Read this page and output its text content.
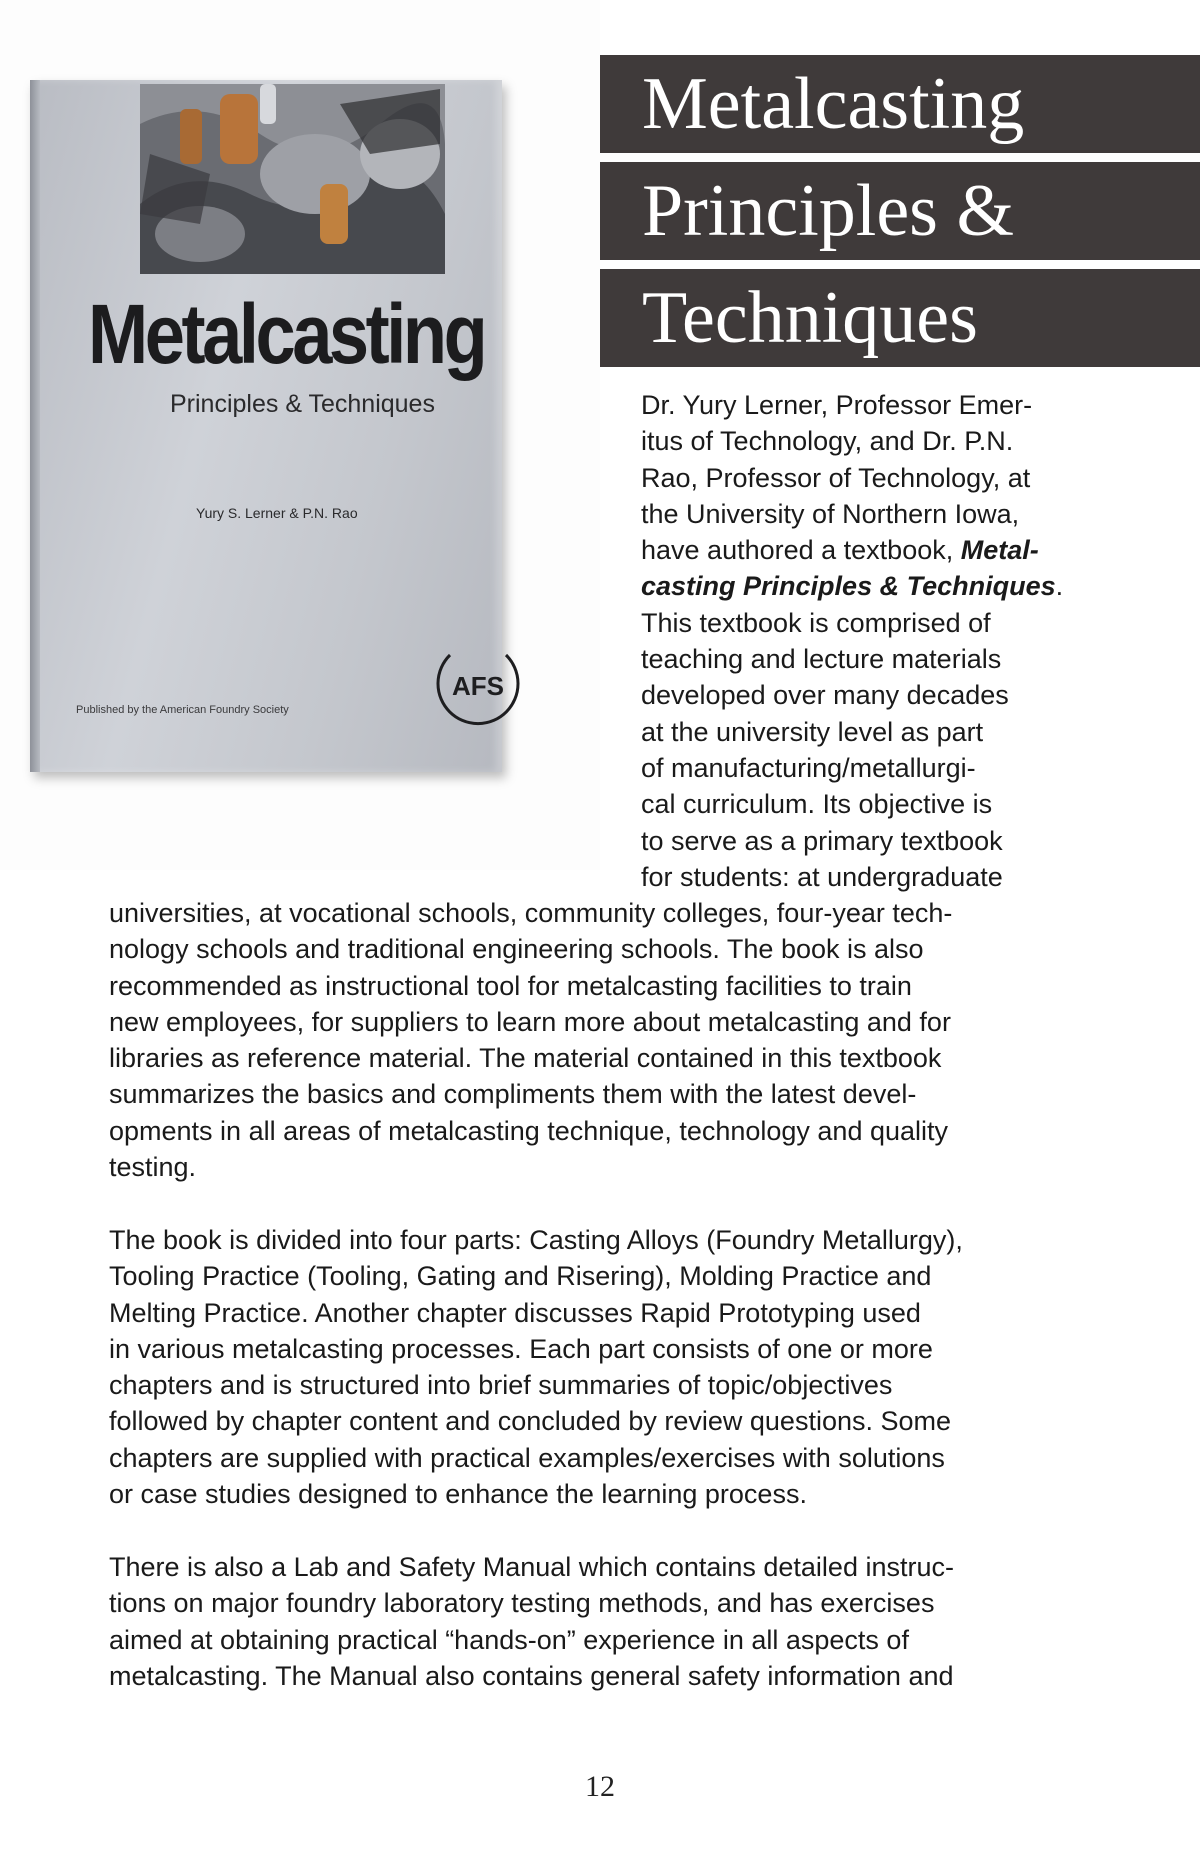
Metalcasting
Principles & Techniques
Yury S. Lerner & P.N. Rao
Published by the American Foundry Society
AFS
Metalcasting
Principles &
Techniques
Dr. Yury Lerner, Professor Emer-
itus of Technology, and Dr. P.N.
Rao, Professor of Technology, at
the University of Northern Iowa,
have authored a textbook, Metal-
casting Principles & Techniques.
This textbook is comprised of
teaching and lecture materials
developed over many decades
at the university level as part
of manufacturing/metallurgi-
cal curriculum. Its objective is
to serve as a primary textbook
for students: at undergraduate
universities, at vocational schools, community colleges, four-year tech-
nology schools and traditional engineering schools. The book is also
recommended as instructional tool for metalcasting facilities to train
new employees, for suppliers to learn more about metalcasting and for
libraries as reference material. The material contained in this textbook
summarizes the basics and compliments them with the latest devel-
opments in all areas of metalcasting technique, technology and quality
testing.
The book is divided into four parts: Casting Alloys (Foundry Metallurgy),
Tooling Practice (Tooling, Gating and Risering), Molding Practice and
Melting Practice. Another chapter discusses Rapid Prototyping used
in various metalcasting processes. Each part consists of one or more
chapters and is structured into brief summaries of topic/objectives
followed by chapter content and concluded by review questions. Some
chapters are supplied with practical examples/exercises with solutions
or case studies designed to enhance the learning process.
There is also a Lab and Safety Manual which contains detailed instruc-
tions on major foundry laboratory testing methods, and has exercises
aimed at obtaining practical “hands-on” experience in all aspects of
metalcasting. The Manual also contains general safety information and
12
